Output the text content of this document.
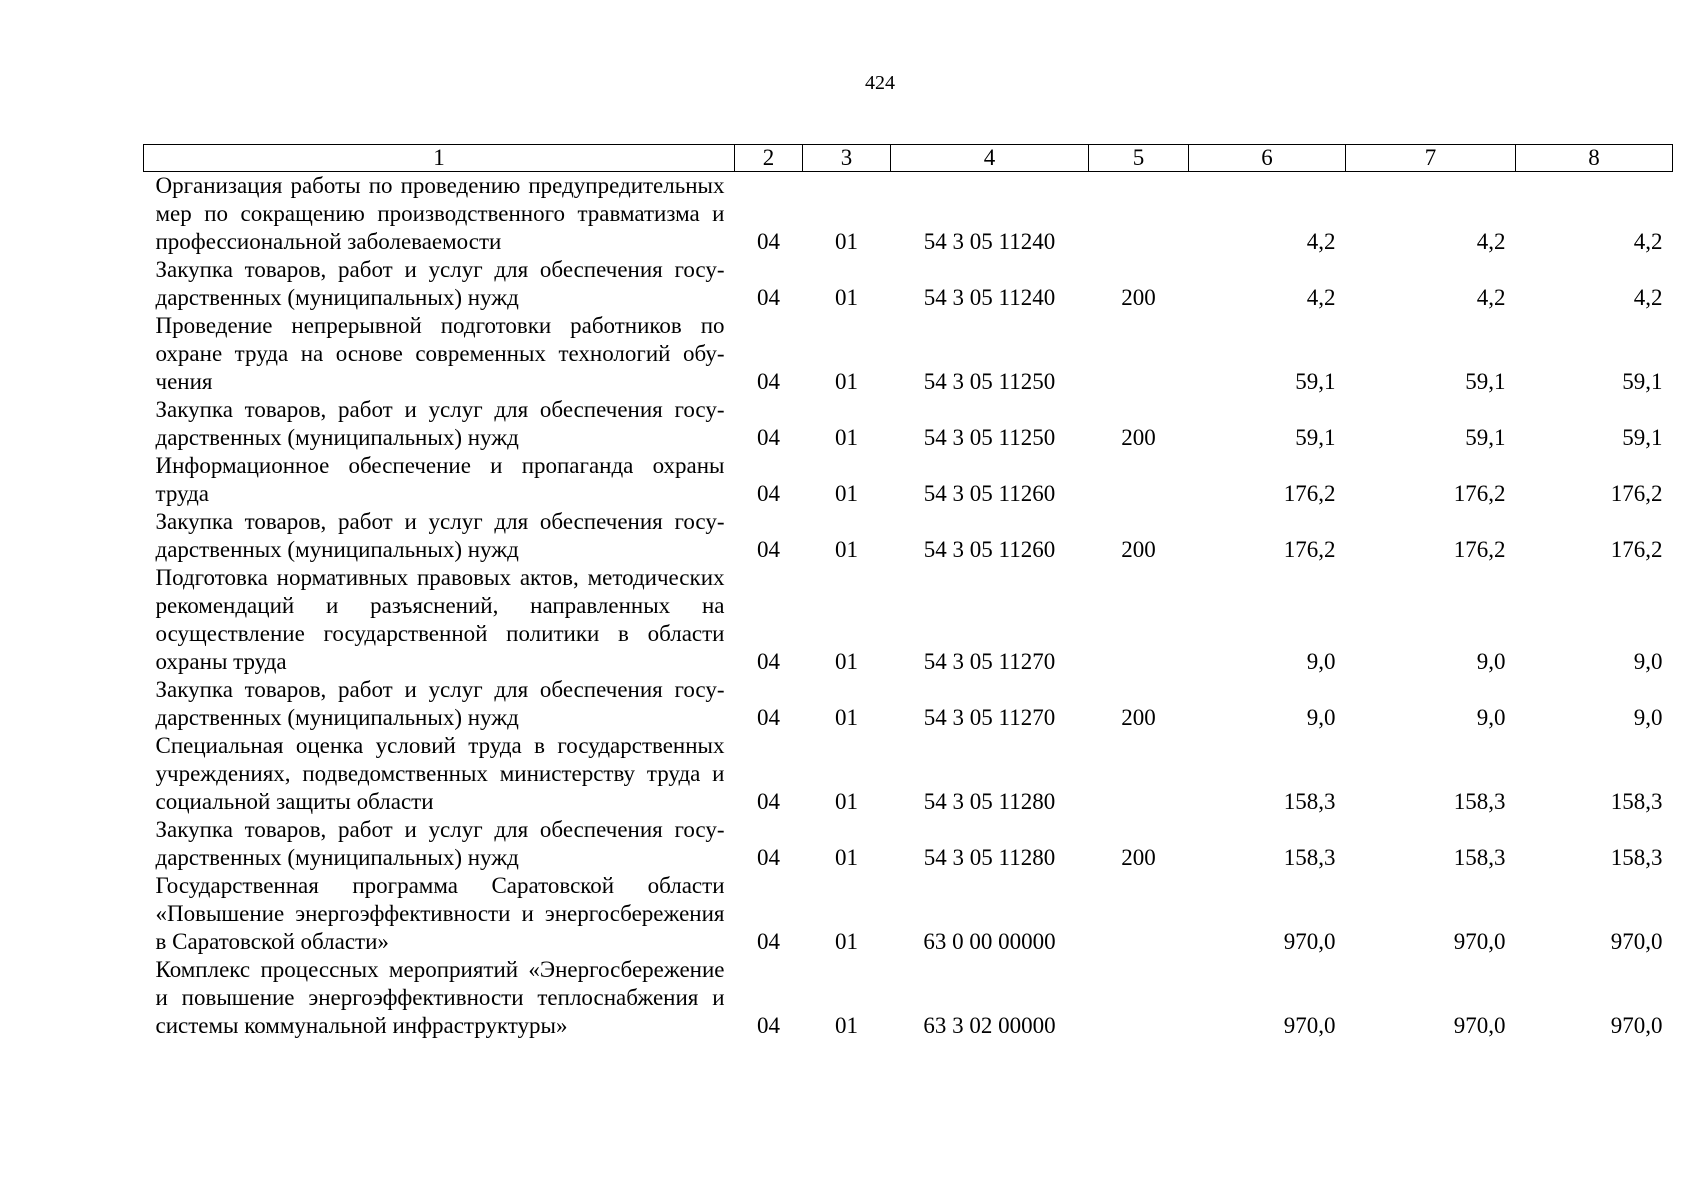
424
1	2	3	4	5	6	7	8
Организация работы по проведению предупредительных мер по сокращению производственного травматизма и профессиональной заболеваемости	04	01	54 3 05 11240		4,2	4,2	4,2
Закупка товаров, работ и услуг для обеспечения государственных (муниципальных) нужд	04	01	54 3 05 11240	200	4,2	4,2	4,2
Проведение непрерывной подготовки работников по охране труда на основе современных технологий обучения	04	01	54 3 05 11250		59,1	59,1	59,1
Закупка товаров, работ и услуг для обеспечения государственных (муниципальных) нужд	04	01	54 3 05 11250	200	59,1	59,1	59,1
Информационное обеспечение и пропаганда охраны труда	04	01	54 3 05 11260		176,2	176,2	176,2
Закупка товаров, работ и услуг для обеспечения государственных (муниципальных) нужд	04	01	54 3 05 11260	200	176,2	176,2	176,2
Подготовка нормативных правовых актов, методических рекомендаций и разъяснений, направленных на осуществление государственной политики в области охраны труда	04	01	54 3 05 11270		9,0	9,0	9,0
Закупка товаров, работ и услуг для обеспечения государственных (муниципальных) нужд	04	01	54 3 05 11270	200	9,0	9,0	9,0
Специальная оценка условий труда в государственных учреждениях, подведомственных министерству труда и социальной защиты области	04	01	54 3 05 11280		158,3	158,3	158,3
Закупка товаров, работ и услуг для обеспечения государственных (муниципальных) нужд	04	01	54 3 05 11280	200	158,3	158,3	158,3
Государственная программа Саратовской области «Повышение энергоэффективности и энергосбережения в Саратовской области»	04	01	63 0 00 00000		970,0	970,0	970,0
Комплекс процессных мероприятий «Энергосбережение и повышение энергоэффективности теплоснабжения и системы коммунальной инфраструктуры»	04	01	63 3 02 00000		970,0	970,0	970,0
